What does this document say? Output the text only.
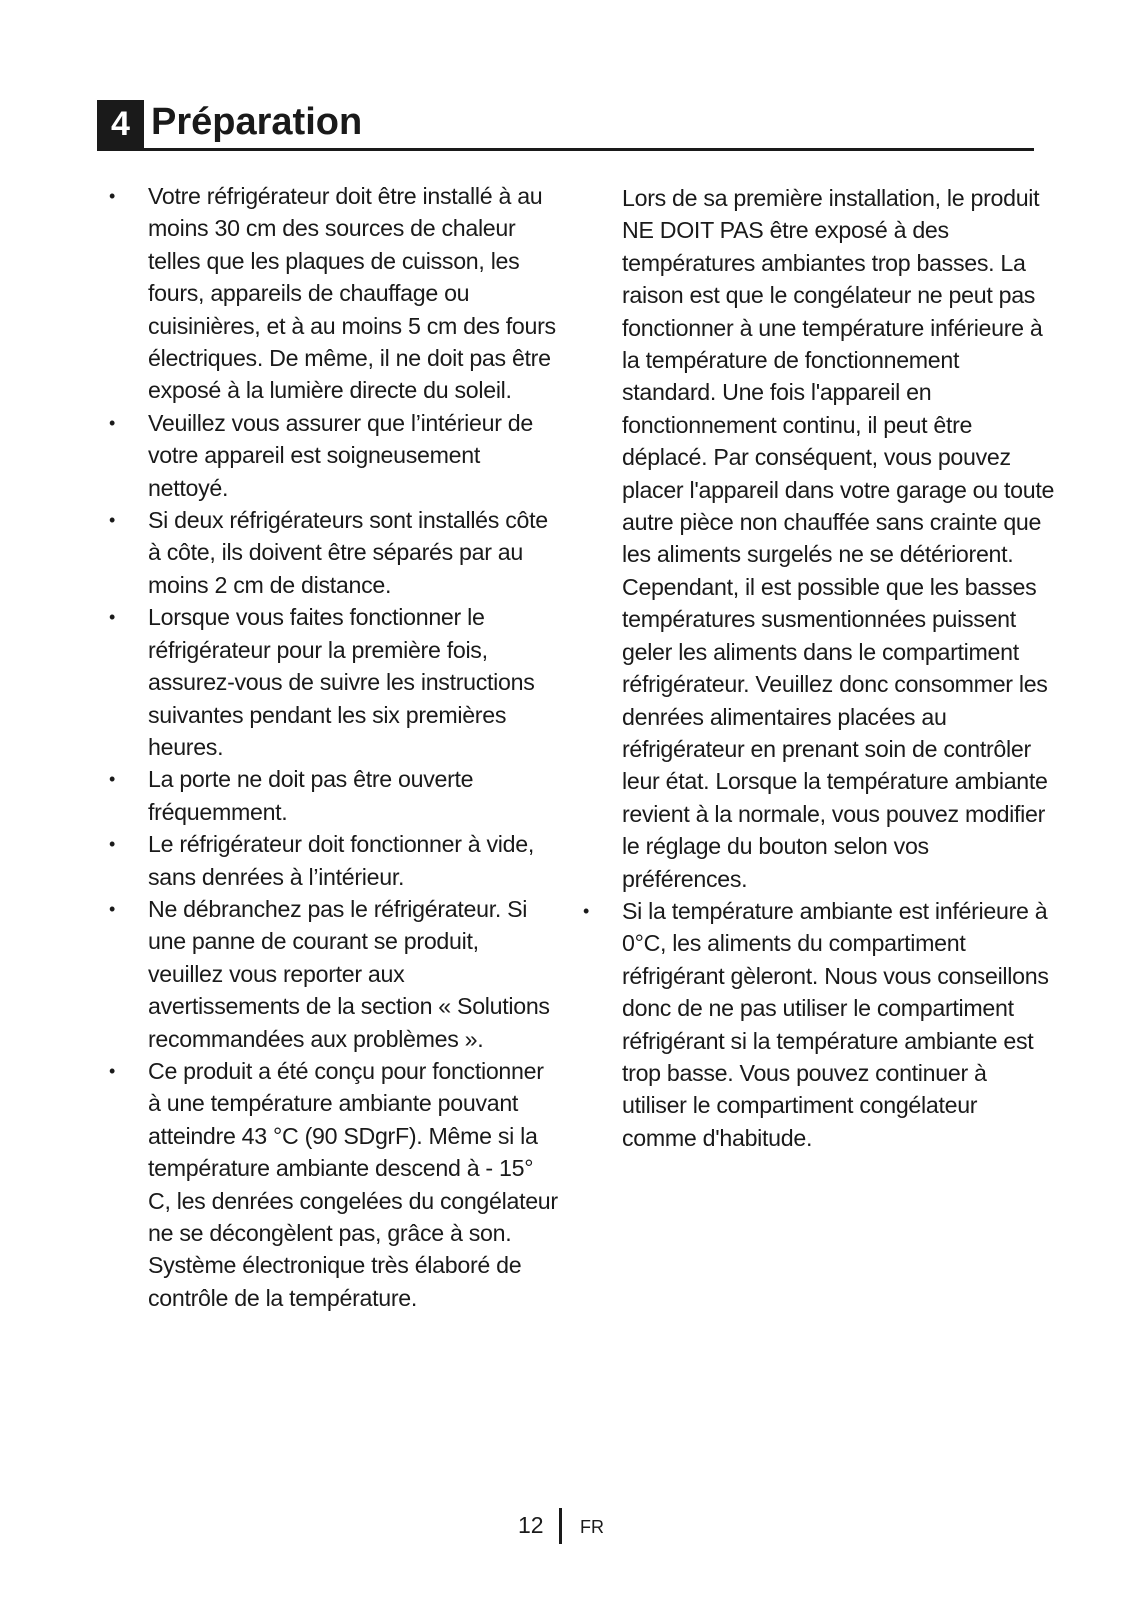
4 Préparation
• Votre réfrigérateur doit être installé à au moins 30 cm des sources de chaleur telles que les plaques de cuisson, les fours, appareils de chauffage ou cuisinières, et à au moins 5 cm des fours électriques. De même, il ne doit pas être exposé à la lumière directe du soleil.
• Veuillez vous assurer que l’intérieur de votre appareil est soigneusement nettoyé.
• Si deux réfrigérateurs sont installés côte à côte, ils doivent être séparés par au moins 2 cm de distance.
• Lorsque vous faites fonctionner le réfrigérateur pour la première fois, assurez-vous de suivre les instructions suivantes pendant les six premières heures.
• La porte ne doit pas être ouverte fréquemment.
• Le réfrigérateur doit fonctionner à vide, sans denrées à l’intérieur.
• Ne débranchez pas le réfrigérateur. Si une panne de courant se produit, veuillez vous reporter aux avertissements de la section « Solutions recommandées aux problèmes ».
• Ce produit a été conçu pour fonctionner à une température ambiante pouvant atteindre 43 °C (90 SDgrF). Même si la température ambiante descend à - 15° C, les denrées congelées du congélateur ne se décongèlent pas, grâce à son. Système électronique très élaboré de contrôle de la température.

Lors de sa première installation, le produit NE DOIT PAS être exposé à des températures ambiantes trop basses. La raison est que le congélateur ne peut pas fonctionner à une température inférieure à la température de fonctionnement standard. Une fois l'appareil en fonctionnement continu, il peut être déplacé. Par conséquent, vous pouvez placer l'appareil dans votre garage ou toute autre pièce non chauffée sans crainte que les aliments surgelés ne se détériorent. Cependant, il est possible que les basses températures susmentionnées puissent geler les aliments dans le compartiment réfrigérateur. Veuillez donc consommer les denrées alimentaires placées au réfrigérateur en prenant soin de contrôler leur état. Lorsque la température ambiante revient à la normale, vous pouvez modifier le réglage du bouton selon vos préférences.

• Si la température ambiante est inférieure à 0°C, les aliments du compartiment réfrigérant gèleront. Nous vous conseillons donc de ne pas utiliser le compartiment réfrigérant si la température ambiante est trop basse. Vous pouvez continuer à utiliser le compartiment congélateur comme d'habitude.
12 FR
